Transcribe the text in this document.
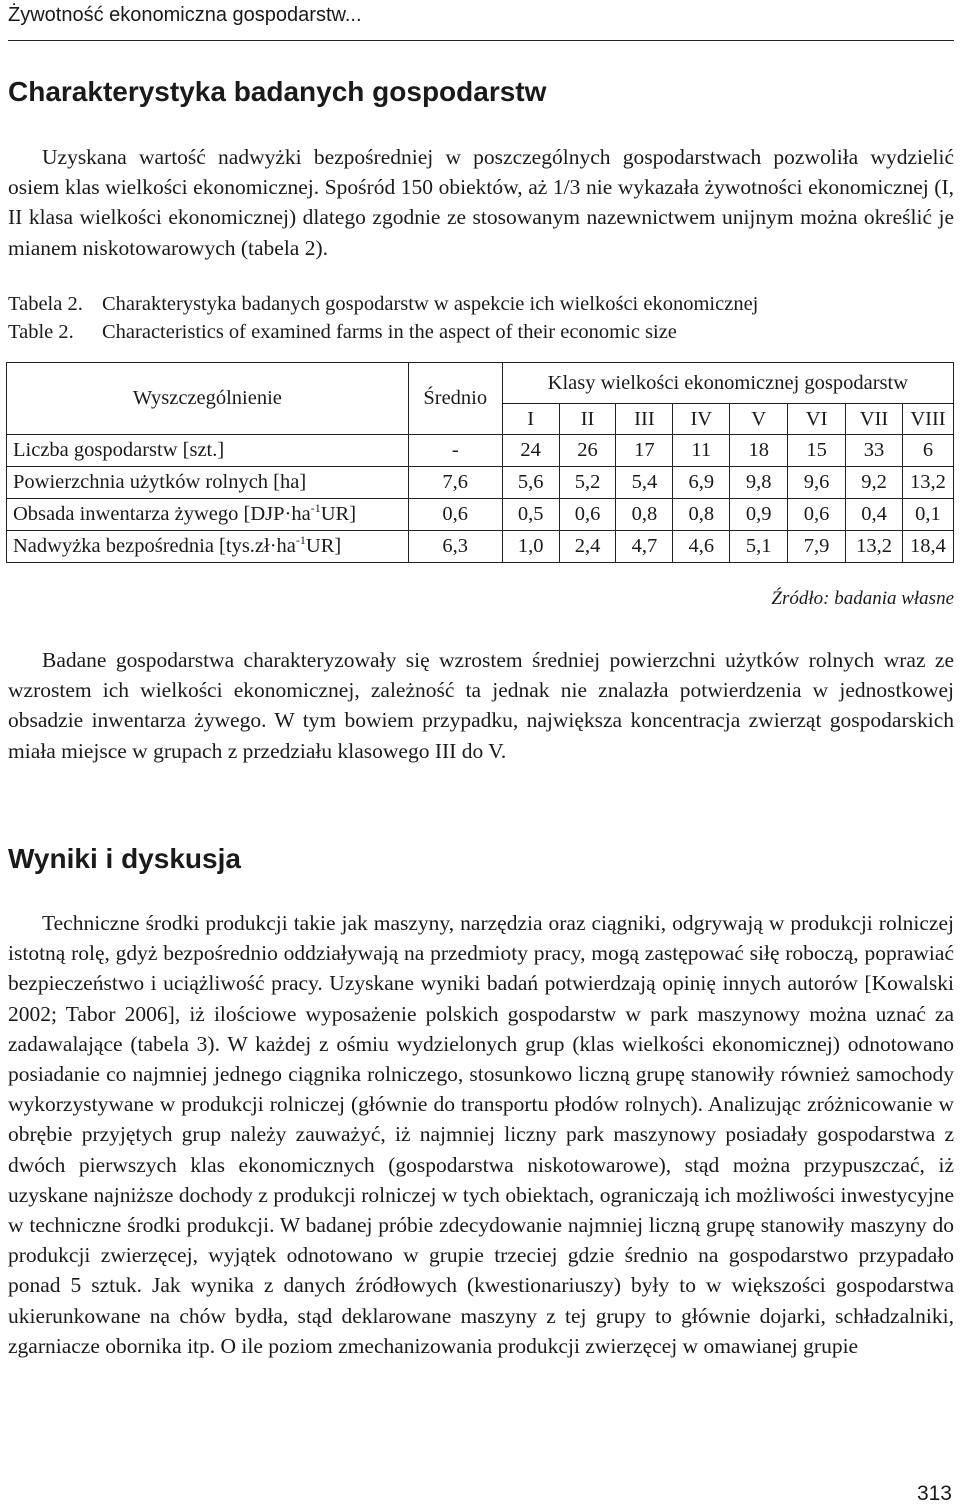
Żywotność ekonomiczna gospodarstw...
Charakterystyka badanych gospodarstw

Uzyskana wartość nadwyżki bezpośredniej w poszczególnych gospodarstwach pozwoliła wydzielić osiem klas wielkości ekonomicznej. Spośród 150 obiektów, aż 1/3 nie wykazała żywotności ekonomicznej (I, II klasa wielkości ekonomicznej) dlatego zgodnie ze stosowanym nazewnictwem unijnym można określić je mianem niskotowarowych (tabela 2).

Tabela 2. Charakterystyka badanych gospodarstw w aspekcie ich wielkości ekonomicznej
Table 2. Characteristics of examined farms in the aspect of their economic size
Wyszczególnienie	Średnio	Klasy wielkości ekonomicznej gospodarstw							
		I	II	III	IV	V	VI	VII	VIII
Liczba gospodarstw [szt.]	-	24	26	17	11	18	15	33	6
Powierzchnia użytków rolnych [ha]	7,6	5,6	5,2	5,4	6,9	9,8	9,6	9,2	13,2
Obsada inwentarza żywego $[DJP\cdot ha^{-1}UR]$	0,6	0,5	0,6	0,8	0,8	0,9	0,6	0,4	0,1
Nadwyżka bezpośrednia $[tys.zł\cdot ha^{-1}UR]$	6,3	1,0	2,4	4,7	4,6	5,1	7,9	13,2	18,4
Źródło: badania własne

Badane gospodarstwa charakteryzowały się wzrostem średniej powierzchni użytków rolnych wraz ze wzrostem ich wielkości ekonomicznej, zależność ta jednak nie znalazła potwierdzenia w jednostkowej obsadzie inwentarza żywego. W tym bowiem przypadku, największa koncentracja zwierząt gospodarskich miała miejsce w grupach z przedziału klasowego III do V.

Wyniki i dyskusja

Techniczne środki produkcji takie jak maszyny, narzędzia oraz ciągniki, odgrywają w produkcji rolniczej istotną rolę, gdyż bezpośrednio oddziaływają na przedmioty pracy, mogą zastępować siłę roboczą, poprawiać bezpieczeństwo i uciążliwość pracy. Uzyskane wyniki badań potwierdzają opinię innych autorów [Kowalski 2002; Tabor 2006], iż ilościowe wyposażenie polskich gospodarstw w park maszynowy można uznać za zadawalające (tabela 3). W każdej z ośmiu wydzielonych grup (klas wielkości ekonomicznej) odnotowano posiadanie co najmniej jednego ciągnika rolniczego, stosunkowo liczną grupę stanowiły również samochody wykorzystywane w produkcji rolniczej (głównie do transportu płodów rolnych). Analizując zróżnicowanie w obrębie przyjętych grup należy zauważyć, iż najmniej liczny park maszynowy posiadały gospodarstwa z dwóch pierwszych klas ekonomicznych (gospodarstwa niskotowarowe), stąd można przypuszczać, iż uzyskane najniższe dochody z produkcji rolniczej w tych obiektach, ograniczają ich możliwości inwestycyjne w techniczne środki produkcji. W badanej próbie zdecydowanie najmniej liczną grupę stanowiły maszyny do produkcji zwierzęcej, wyjątek odnotowano w grupie trzeciej gdzie średnio na gospodarstwo przypadało ponad 5 sztuk. Jak wynika z danych źródłowych (kwestionariuszy) były to w większości gospodarstwa ukierunkowane na chów bydła, stąd deklarowane maszyny z tej grupy to głównie dojarki, schładzalniki, zgarniacze obornika itp. O ile poziom zmechanizowania produkcji zwierzęcej w omawianej grupie

313
